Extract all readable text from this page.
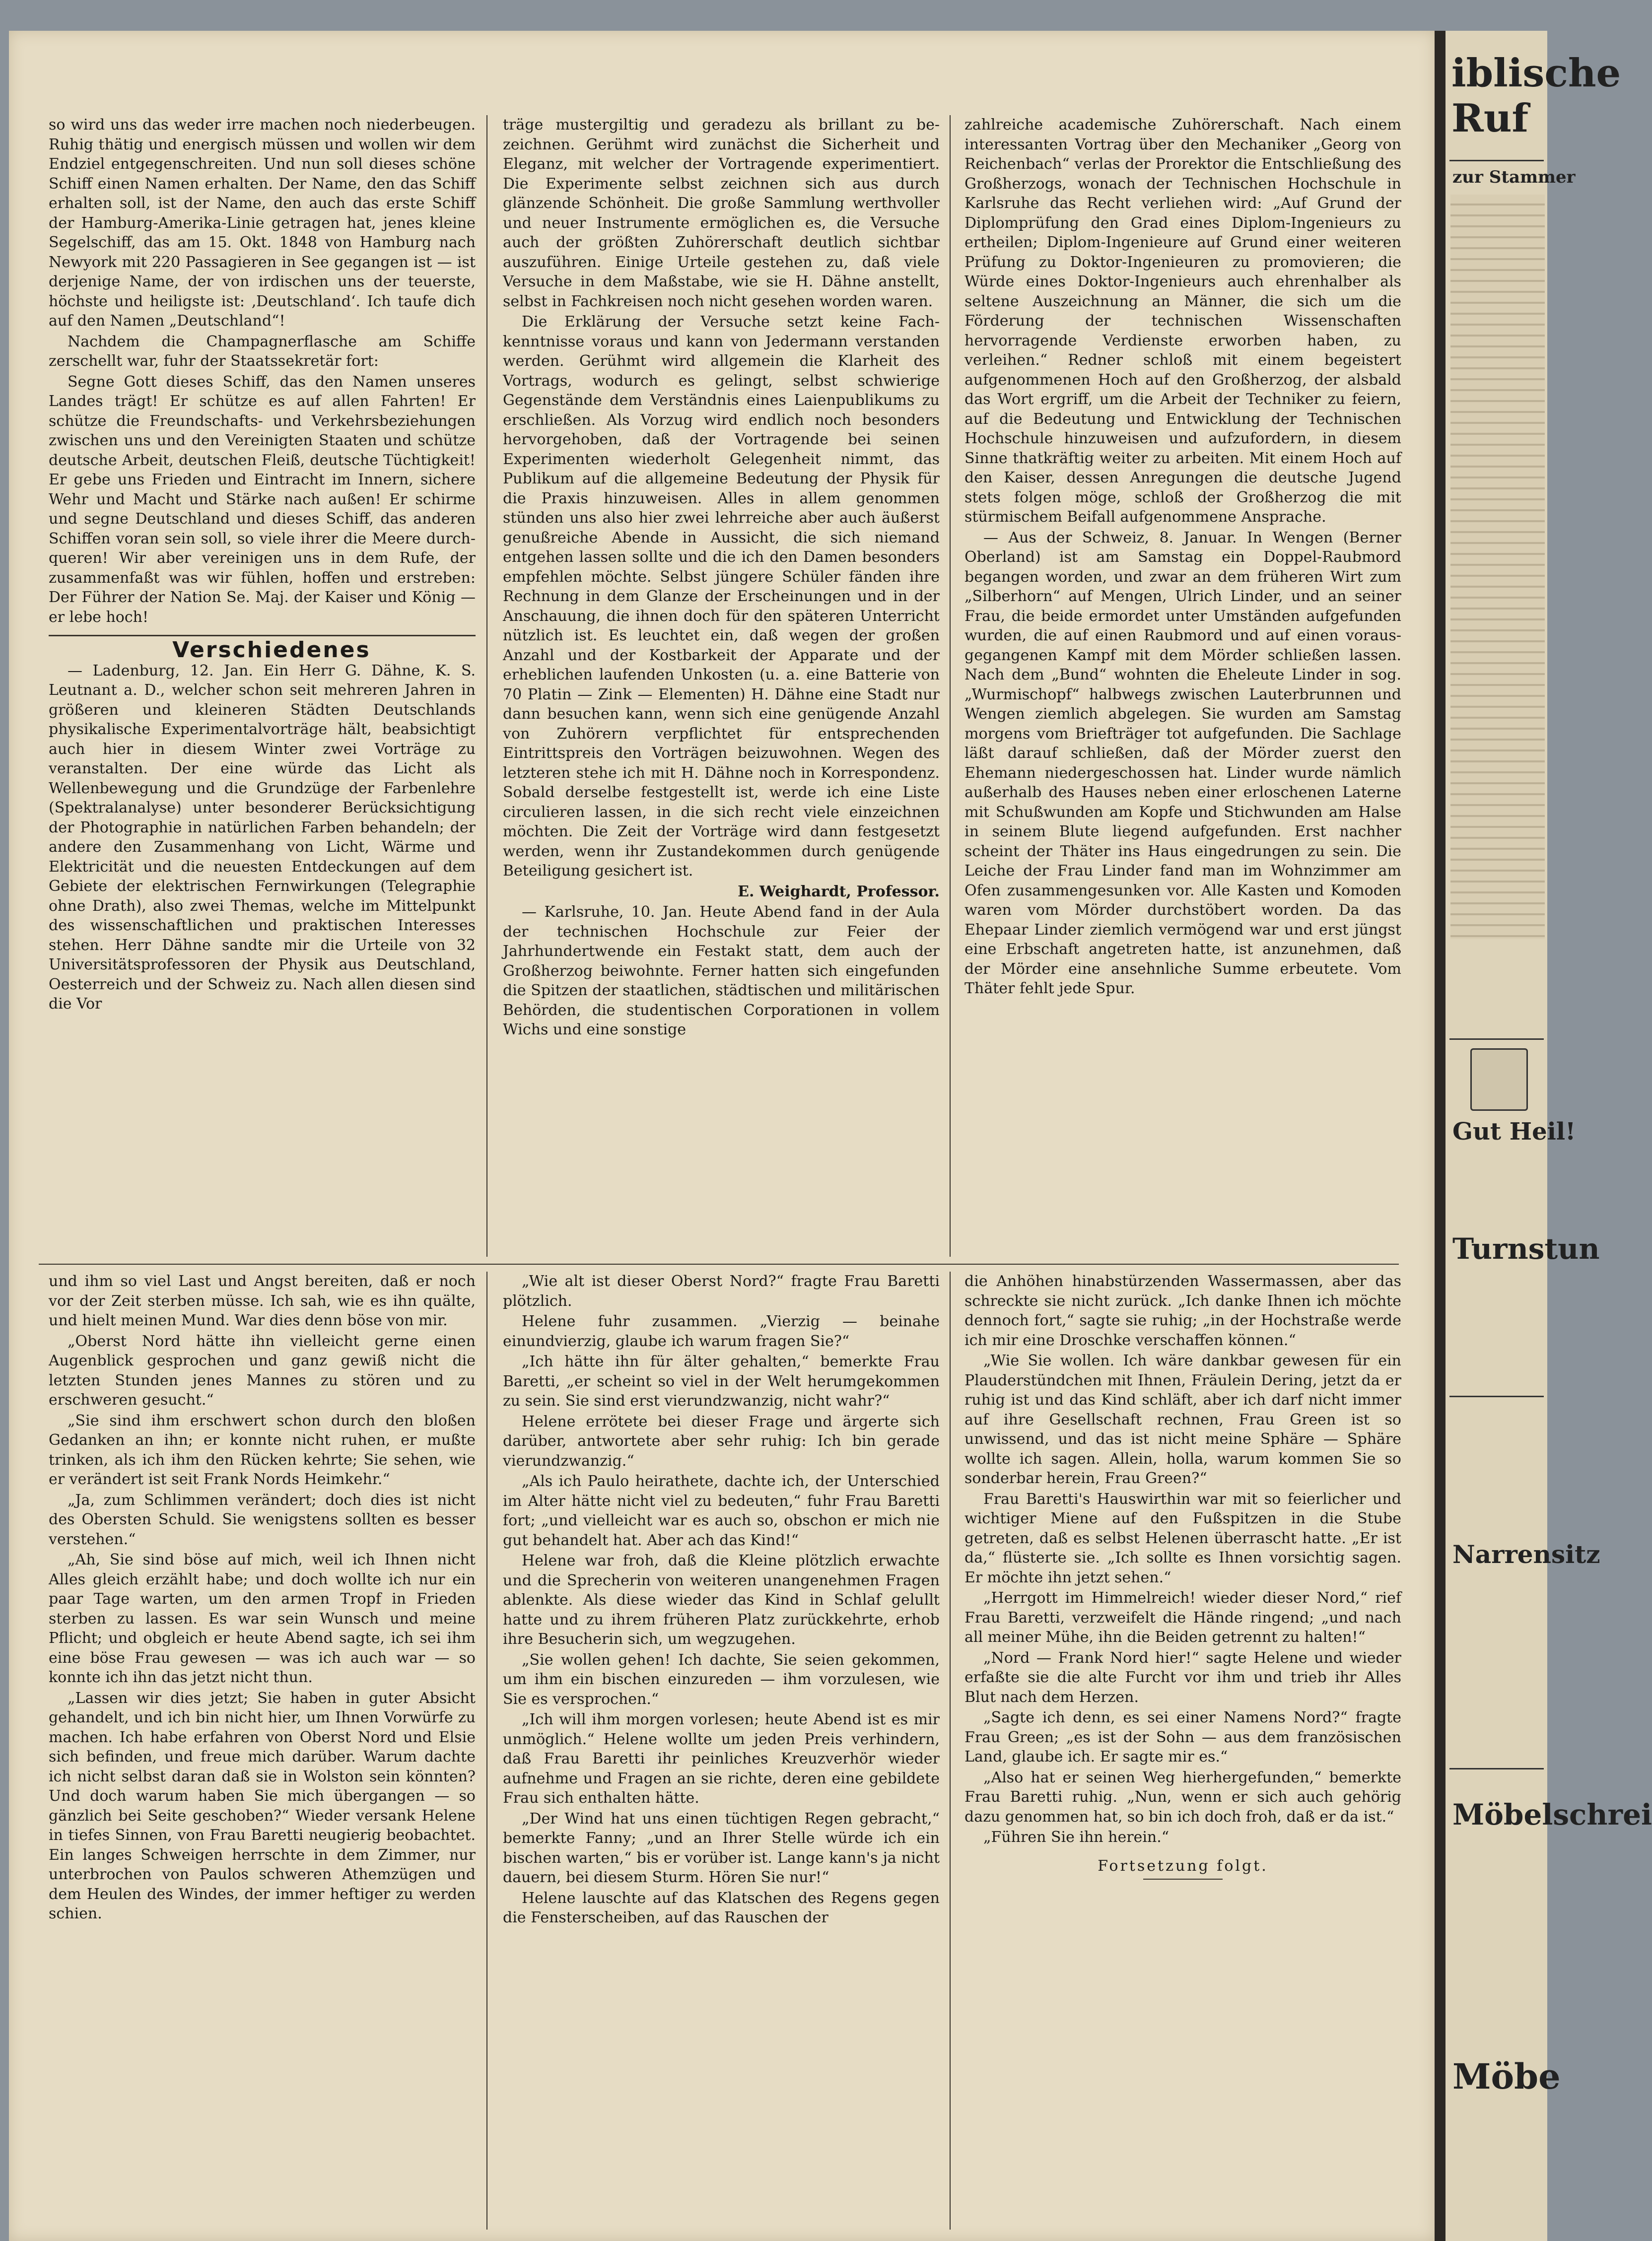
so wird uns das weder irre machen noch niederbeugen. Ruhig thätig und energisch müssen und wollen wir dem Endziel entgegenschreiten. Und nun soll dieses schöne Schiff einen Namen erhalten. Der Name, den das Schiff erhalten soll, ist der Name, den auch das erste Schiff der Hamburg-Amerika-Linie getragen hat, jenes kleine Segelschiff, das am 15. Okt. 1848 von Hamburg nach Newyork mit 220 Passagieren in See gegangen ist — ist derjenige Name, der von irdischen uns der teuerste, höchste und heiligste ist: ‚Deutschland‘. Ich taufe dich auf den Namen „Deutschland“!

Nachdem die Champagnerflasche am Schiffe zerschellt war, fuhr der Staatssekretär fort:

Segne Gott dieses Schiff, das den Namen unseres Landes trägt! Er schütze es auf allen Fahrten! Er schütze die Freundschafts- und Verkehrsbeziehungen zwischen uns und den Vereinigten Staaten und schütze deutsche Arbeit, deutschen Fleiß, deutsche Tüchtigkeit! Er gebe uns Frieden und Eintracht im Innern, sichere Wehr und Macht und Stärke nach außen! Er schirme und segne Deutschland und dieses Schiff, das anderen Schiffen voran sein soll, so viele ihrer die Meere durchqueren! Wir aber vereinigen uns in dem Rufe, der zusammenfaßt was wir fühlen, hoffen und erstreben: Der Führer der Nation Se. Maj. der Kaiser und König — er lebe hoch!

Verschiedenes

— Ladenburg, 12. Jan. Ein Herr G. Dähne, K. S. Leutnant a. D., welcher schon seit mehreren Jahren in größeren und kleineren Städten Deutschlands physikalische Experimentalvorträge hält, beabsichtigt auch hier in diesem Winter zwei Vorträge zu veranstalten. Der eine würde das Licht als Wellenbewegung und die Grundzüge der Farbenlehre (Spektralanalyse) unter besonderer Berücksichtigung der Photographie in natürlichen Farben behandeln; der andere den Zusammenhang von Licht, Wärme und Elektricität und die neuesten Entdeckungen auf dem Gebiete der elektrischen Fernwirkungen (Telegraphie ohne Drath), also zwei Themas, welche im Mittelpunkt des wissenschaftlichen und praktischen Interesses stehen. Herr Dähne sandte mir die Urteile von 32 Universitätsprofessoren der Physik aus Deutschland, Oesterreich und der Schweiz zu. Nach allen diesen sind die Vor

träge mustergiltig und geradezu als brillant zu bezeichnen. Gerühmt wird zunächst die Sicherheit und Eleganz, mit welcher der Vortragende experimentiert. Die Experimente selbst zeichnen sich aus durch glänzende Schönheit. Die große Sammlung werthvoller und neuer Instrumente ermöglichen es, die Versuche auch der größten Zuhörerschaft deutlich sichtbar auszuführen. Einige Urteile gestehen zu, daß viele Versuche in dem Maßstabe, wie sie H. Dähne anstellt, selbst in Fachkreisen noch nicht gesehen worden waren.

Die Erklärung der Versuche setzt keine Fachkenntnisse voraus und kann von Jedermann verstanden werden. Gerühmt wird allgemein die Klarheit des Vortrags, wodurch es gelingt, selbst schwierige Gegenstände dem Verständnis eines Laienpublikums zu erschließen. Als Vorzug wird endlich noch besonders hervorgehoben, daß der Vortragende bei seinen Experimenten wiederholt Gelegenheit nimmt, das Publikum auf die allgemeine Bedeutung der Physik für die Praxis hinzuweisen. Alles in allem genommen stünden uns also hier zwei lehrreiche aber auch äußerst genußreiche Abende in Aussicht, die sich niemand entgehen lassen sollte und die ich den Damen besonders empfehlen möchte. Selbst jüngere Schüler fänden ihre Rechnung in dem Glanze der Erscheinungen und in der Anschauung, die ihnen doch für den späteren Unterricht nützlich ist. Es leuchtet ein, daß wegen der großen Anzahl und der Kostbarkeit der Apparate und der erheblichen laufenden Unkosten (u. a. eine Batterie von 70 Platin — Zink — Elementen) H. Dähne eine Stadt nur dann besuchen kann, wenn sich eine genügende Anzahl von Zuhörern verpflichtet für entsprechenden Eintrittspreis den Vorträgen beizuwohnen. Wegen des letzteren stehe ich mit H. Dähne noch in Korrespondenz. Sobald derselbe festgestellt ist, werde ich eine Liste circulieren lassen, in die sich recht viele einzeichnen möchten. Die Zeit der Vorträge wird dann festgesetzt werden, wenn ihr Zustandekommen durch genügende Beteiligung gesichert ist.

E. Weighardt, Professor.

— Karlsruhe, 10. Jan. Heute Abend fand in der Aula der technischen Hochschule zur Feier der Jahrhundertwende ein Festakt statt, dem auch der Großherzog beiwohnte. Ferner hatten sich eingefunden die Spitzen der staatlichen, städtischen und militärischen Behörden, die studentischen Corporationen in vollem Wichs und eine sonstige

zahlreiche academische Zuhörerschaft. Nach einem interessanten Vortrag über den Mechaniker „Georg von Reichenbach“ verlas der Prorektor die Entschließung des Großherzogs, wonach der Technischen Hochschule in Karlsruhe das Recht verliehen wird: „Auf Grund der Diplomprüfung den Grad eines Diplom-Ingenieurs zu ertheilen; Diplom-Ingenieure auf Grund einer weiteren Prüfung zu Doktor-Ingenieuren zu promovieren; die Würde eines Doktor-Ingenieurs auch ehrenhalber als seltene Auszeichnung an Männer, die sich um die Förderung der technischen Wissenschaften hervorragende Verdienste erworben haben, zu verleihen.“ Redner schloß mit einem begeistert aufgenommenen Hoch auf den Großherzog, der alsbald das Wort ergriff, um die Arbeit der Techniker zu feiern, auf die Bedeutung und Entwicklung der Technischen Hochschule hinzuweisen und aufzufordern, in diesem Sinne thatkräftig weiter zu arbeiten. Mit einem Hoch auf den Kaiser, dessen Anregungen die deutsche Jugend stets folgen möge, schloß der Großherzog die mit stürmischem Beifall aufgenommene Ansprache.

— Aus der Schweiz, 8. Januar. In Wengen (Berner Oberland) ist am Samstag ein Doppel-Raubmord begangen worden, und zwar an dem früheren Wirt zum „Silberhorn“ auf Mengen, Ulrich Linder, und an seiner Frau, die beide ermordet unter Umständen aufgefunden wurden, die auf einen Raubmord und auf einen vorausgegangenen Kampf mit dem Mörder schließen lassen. Nach dem „Bund“ wohnten die Eheleute Linder in sog. „Wurmischopf“ halbwegs zwischen Lauterbrunnen und Wengen ziemlich abgelegen. Sie wurden am Samstag morgens vom Briefträger tot aufgefunden. Die Sachlage läßt darauf schließen, daß der Mörder zuerst den Ehemann niedergeschossen hat. Linder wurde nämlich außerhalb des Hauses neben einer erloschenen Laterne mit Schußwunden am Kopfe und Stichwunden am Halse in seinem Blute liegend aufgefunden. Erst nachher scheint der Thäter ins Haus eingedrungen zu sein. Die Leiche der Frau Linder fand man im Wohnzimmer am Ofen zusammengesunken vor. Alle Kasten und Komoden waren vom Mörder durchstöbert worden. Da das Ehepaar Linder ziemlich vermögend war und erst jüngst eine Erbschaft angetreten hatte, ist anzunehmen, daß der Mörder eine ansehnliche Summe erbeutete. Vom Thäter fehlt jede Spur.

und ihm so viel Last und Angst bereiten, daß er noch vor der Zeit sterben müsse. Ich sah, wie es ihn quälte, und hielt meinen Mund. War dies denn böse von mir.

„Oberst Nord hätte ihn vielleicht gerne einen Augenblick gesprochen und ganz gewiß nicht die letzten Stunden jenes Mannes zu stören und zu erschweren gesucht.“

„Sie sind ihm erschwert schon durch den bloßen Gedanken an ihn; er konnte nicht ruhen, er mußte trinken, als ich ihm den Rücken kehrte; Sie sehen, wie er verändert ist seit Frank Nords Heimkehr.“

„Ja, zum Schlimmen verändert; doch dies ist nicht des Obersten Schuld. Sie wenigstens sollten es besser verstehen.“

„Ah, Sie sind böse auf mich, weil ich Ihnen nicht Alles gleich erzählt habe; und doch wollte ich nur ein paar Tage warten, um den armen Tropf in Frieden sterben zu lassen. Es war sein Wunsch und meine Pflicht; und obgleich er heute Abend sagte, ich sei ihm eine böse Frau gewesen — was ich auch war — so konnte ich ihn das jetzt nicht thun.

„Lassen wir dies jetzt; Sie haben in guter Absicht gehandelt, und ich bin nicht hier, um Ihnen Vorwürfe zu machen. Ich habe erfahren von Oberst Nord und Elsie sich befinden, und freue mich darüber. Warum dachte ich nicht selbst daran daß sie in Wolston sein könnten? Und doch warum haben Sie mich übergangen — so gänzlich bei Seite geschoben?“ Wieder versank Helene in tiefes Sinnen, von Frau Baretti neugierig beobachtet. Ein langes Schweigen herrschte in dem Zimmer, nur unterbrochen von Paulos schweren Athemzügen und dem Heulen des Windes, der immer heftiger zu werden schien.

„Wie alt ist dieser Oberst Nord?“ fragte Frau Baretti plötzlich.

Helene fuhr zusammen. „Vierzig — beinahe einundvierzig, glaube ich warum fragen Sie?“

„Ich hätte ihn für älter gehalten,“ bemerkte Frau Baretti, „er scheint so viel in der Welt herumgekommen zu sein. Sie sind erst vierundzwanzig, nicht wahr?“

Helene errötete bei dieser Frage und ärgerte sich darüber, antwortete aber sehr ruhig: Ich bin gerade vierundzwanzig.“

„Als ich Paulo heirathete, dachte ich, der Unterschied im Alter hätte nicht viel zu bedeuten,“ fuhr Frau Baretti fort; „und vielleicht war es auch so, obschon er mich nie gut behandelt hat. Aber ach das Kind!“

Helene war froh, daß die Kleine plötzlich erwachte und die Sprecherin von weiteren unangenehmen Fragen ablenkte. Als diese wieder das Kind in Schlaf gelullt hatte und zu ihrem früheren Platz zurückkehrte, erhob ihre Besucherin sich, um wegzugehen.

„Sie wollen gehen! Ich dachte, Sie seien gekommen, um ihm ein bischen einzureden — ihm vorzulesen, wie Sie es versprochen.“

„Ich will ihm morgen vorlesen; heute Abend ist es mir unmöglich.“ Helene wollte um jeden Preis verhindern, daß Frau Baretti ihr peinliches Kreuzverhör wieder aufnehme und Fragen an sie richte, deren eine gebildete Frau sich enthalten hätte.

„Der Wind hat uns einen tüchtigen Regen gebracht,“ bemerkte Fanny; „und an Ihrer Stelle würde ich ein bischen warten,“ bis er vorüber ist. Lange kann's ja nicht dauern, bei diesem Sturm. Hören Sie nur!“

Helene lauschte auf das Klatschen des Regens gegen die Fensterscheiben, auf das Rauschen der

die Anhöhen hinabstürzenden Wassermassen, aber das schreckte sie nicht zurück. „Ich danke Ihnen ich möchte dennoch fort,“ sagte sie ruhig; „in der Hochstraße werde ich mir eine Droschke verschaffen können.“

„Wie Sie wollen. Ich wäre dankbar gewesen für ein Plauderstündchen mit Ihnen, Fräulein Dering, jetzt da er ruhig ist und das Kind schläft, aber ich darf nicht immer auf ihre Gesellschaft rechnen, Frau Green ist so unwissend, und das ist nicht meine Sphäre — Sphäre wollte ich sagen. Allein, holla, warum kommen Sie so sonderbar herein, Frau Green?“

Frau Baretti's Hauswirthin war mit so feierlicher und wichtiger Miene auf den Fußspitzen in die Stube getreten, daß es selbst Helenen überrascht hatte. „Er ist da,“ flüsterte sie. „Ich sollte es Ihnen vorsichtig sagen. Er möchte ihn jetzt sehen.“

„Herrgott im Himmelreich! wieder dieser Nord,“ rief Frau Baretti, verzweifelt die Hände ringend; „und nach all meiner Mühe, ihn die Beiden getrennt zu halten!“

„Nord — Frank Nord hier!“ sagte Helene und wieder erfaßte sie die alte Furcht vor ihm und trieb ihr Alles Blut nach dem Herzen.

„Sagte ich denn, es sei einer Namens Nord?“ fragte Frau Green; „es ist der Sohn — aus dem französischen Land, glaube ich. Er sagte mir es.“

„Also hat er seinen Weg hierhergefunden,“ bemerkte Frau Baretti ruhig. „Nun, wenn er sich auch gehörig dazu genommen hat, so bin ich doch froh, daß er da ist.“

„Führen Sie ihn herein.“

Fortsetzung folgt.

iblische Ruf
zur Stammer
Gut Heil!
Turnstun
Narrensitz
Möbelschrei
Möbe
